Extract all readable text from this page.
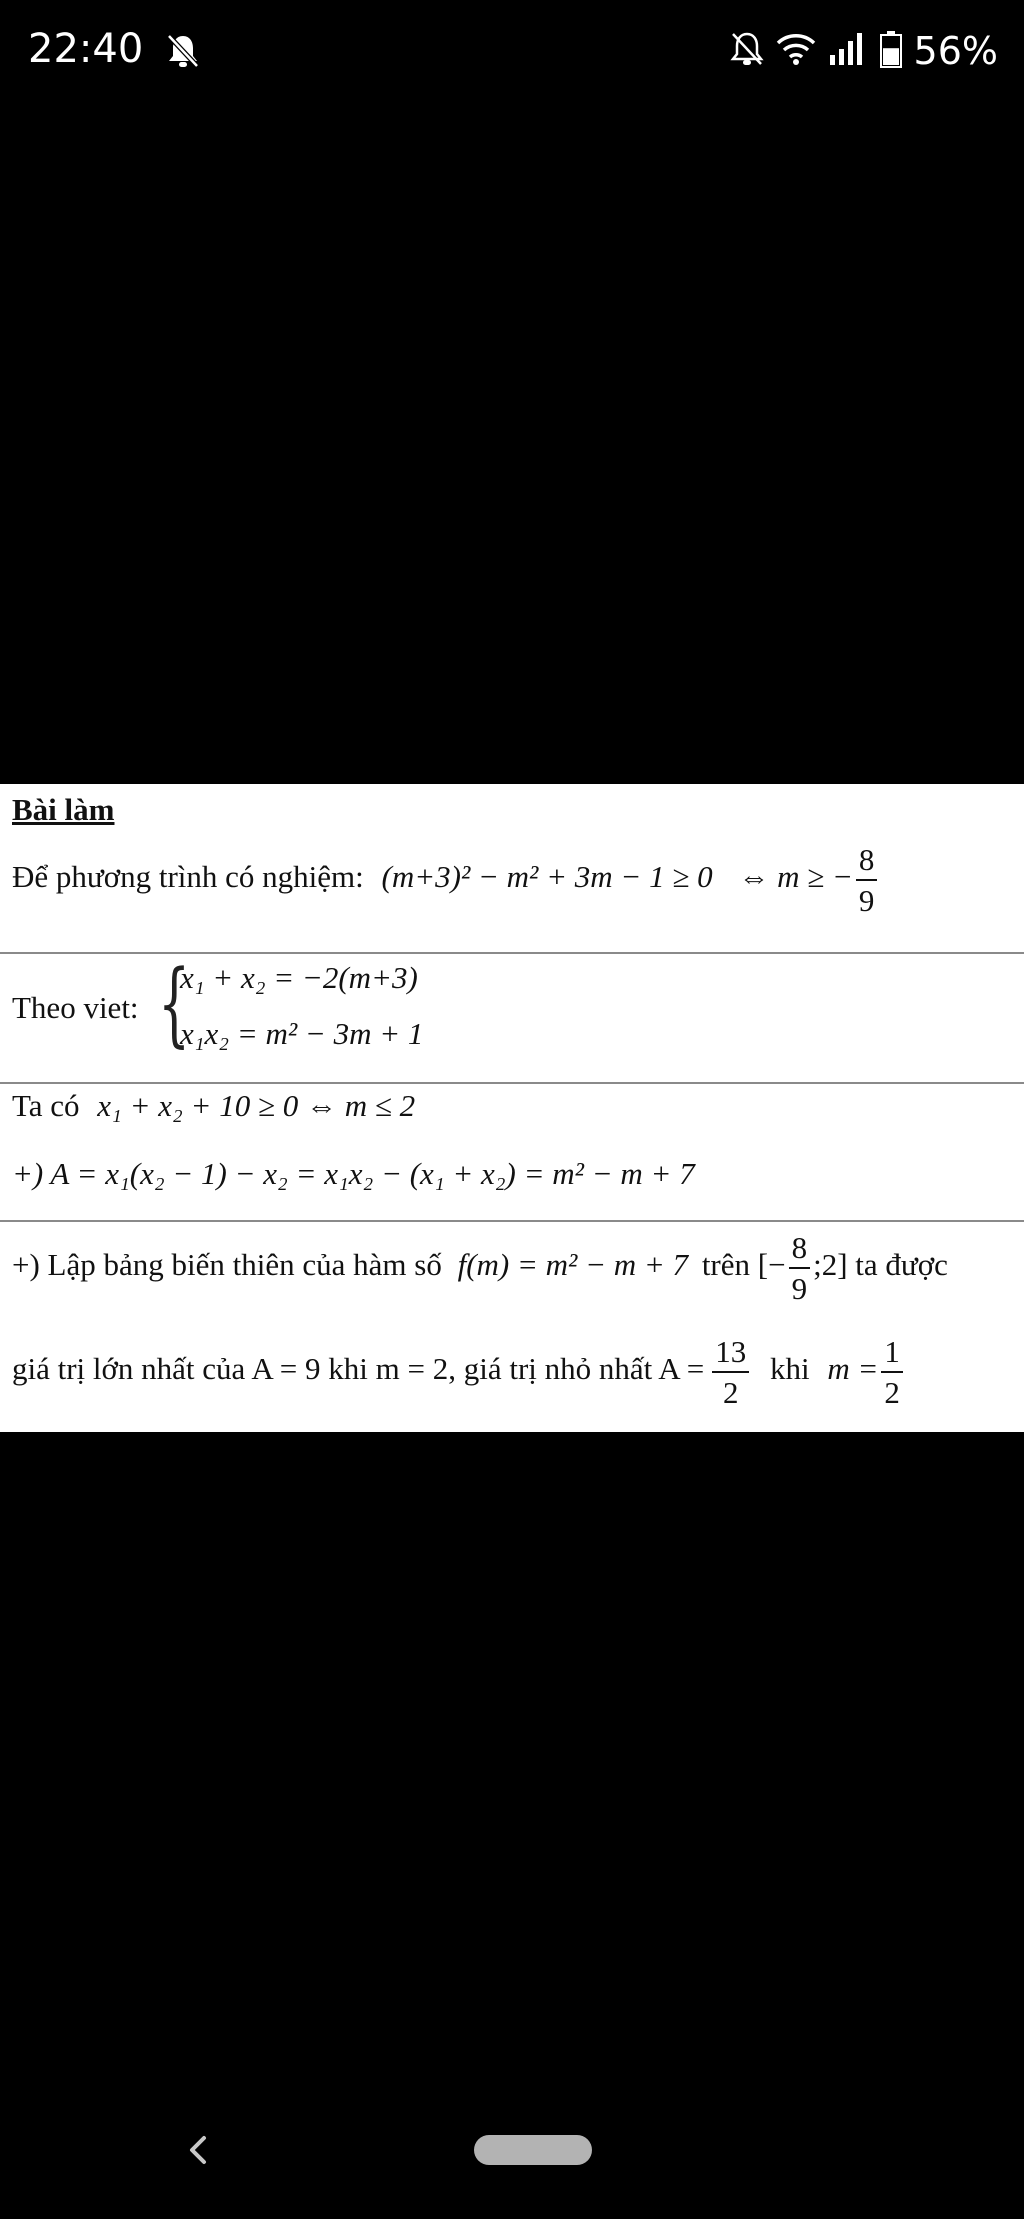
22:40	56%
Bài làm
Để phương trình có nghiệm: (m+3)² − m² + 3m − 1 ≥ 0 ⇔ m ≥ − $\frac{8}{9}$
Theo viet: {
x₁ + x₂ = −2(m+3)
x₁x₂ = m² − 3m + 1
Ta có x₁ + x₂ + 10 ≥ 0 ⇔ m ≤ 2
+) A = x₁(x₂ − 1) − x₂ = x₁x₂ − (x₁ + x₂) = m² − m + 7
+) Lập bảng biến thiên của hàm số f(m) = m² − m + 7 trên [− $\frac{8}{9}$ ;2] ta được
giá trị lớn nhất của A = 9 khi m = 2, giá trị nhỏ nhất $A = \frac{13}{2}$ khi $m = \frac{1}{2}$
